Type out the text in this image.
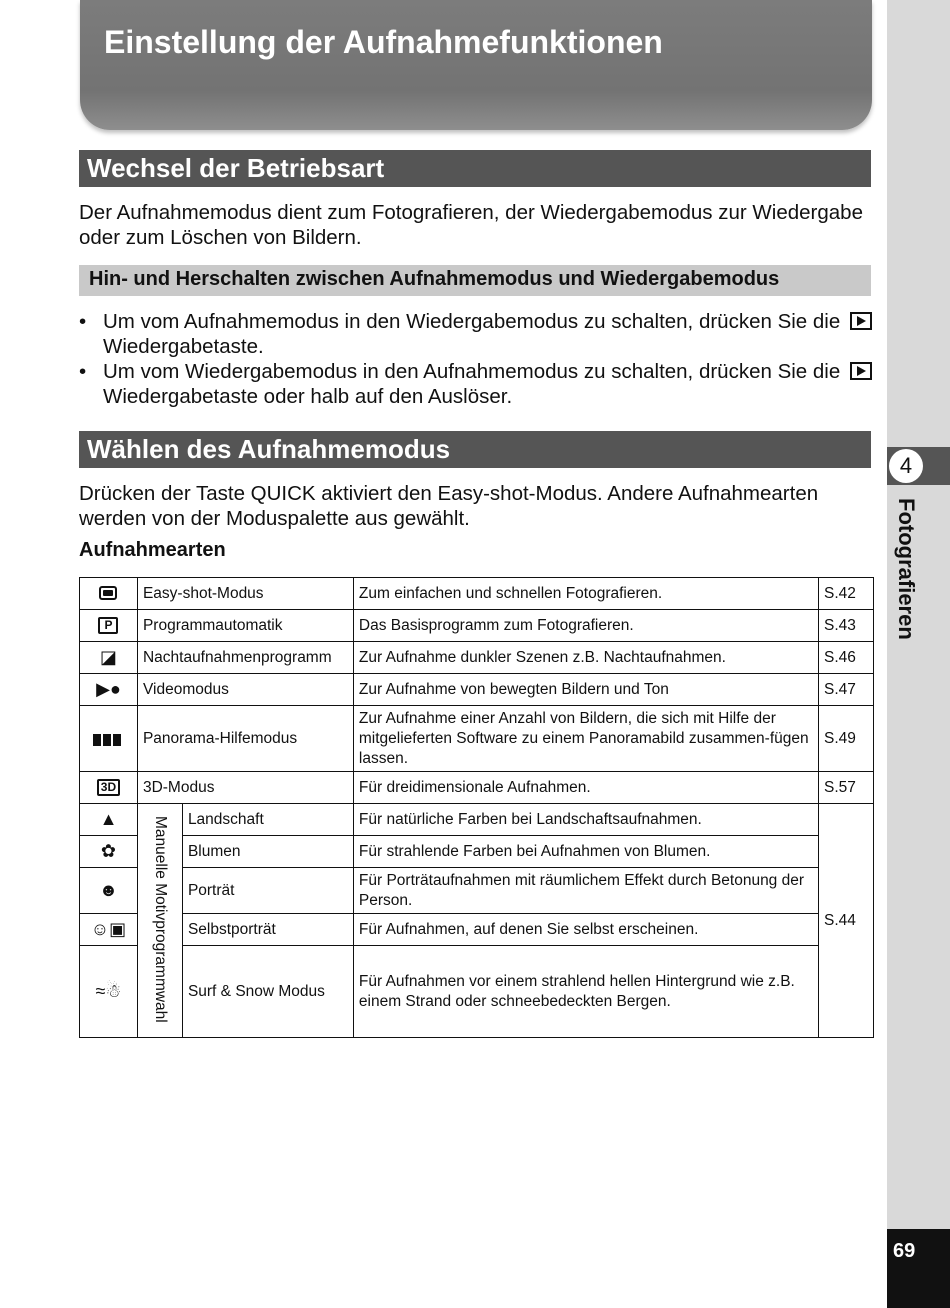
Einstellung der Aufnahmefunktionen
Wechsel der Betriebsart
Der Aufnahmemodus dient zum Fotografieren, der Wiedergabemodus zur Wiedergabe oder zum Löschen von Bildern.
Hin- und Herschalten zwischen Aufnahmemodus und Wiedergabemodus
• Um vom Aufnahmemodus in den Wiedergabemodus zu schalten, drücken Sie die Wiedergabetaste.
• Um vom Wiedergabemodus in den Aufnahmemodus zu schalten, drücken Sie die Wiedergabetaste oder halb auf den Auslöser.
Wählen des Aufnahmemodus
Drücken der Taste QUICK aktiviert den Easy-shot-Modus. Andere Aufnahmearten werden von der Moduspalette aus gewählt.
Aufnahmearten
	Easy-shot-Modus		Zum einfachen und schnellen Fotografieren.	S.42
P	Programmautomatik		Das Basisprogramm zum Fotografieren.	S.43
◪	Nachtaufnahmenprogramm		Zur Aufnahme dunkler Szenen z.B. Nachtaufnahmen.	S.46
▶●	Videomodus		Zur Aufnahme von bewegten Bildern und Ton	S.47
	Panorama-Hilfemodus		Zur Aufnahme einer Anzahl von Bildern, die sich mit Hilfe der mitgelieferten Software zu einem Panoramabild zusammen-fügen lassen.	S.49
3D	3D-Modus		Für dreidimensionale Aufnahmen.	S.57
▲	Manuelle Motivprogrammwahl	Landschaft	Für natürliche Farben bei Landschaftsaufnahmen.	S.44
✿		Blumen	Für strahlende Farben bei Aufnahmen von Blumen.	
☻		Porträt	Für Porträtaufnahmen mit räumlichem Effekt durch Betonung der Person.	
☺▣		Selbstporträt	Für Aufnahmen, auf denen Sie selbst erscheinen.	
≈☃		Surf & Snow Modus	Für Aufnahmen vor einem strahlend hellen Hintergrund wie z.B. einem Strand oder schneebedeckten Bergen.	
4
Fotografieren
69
